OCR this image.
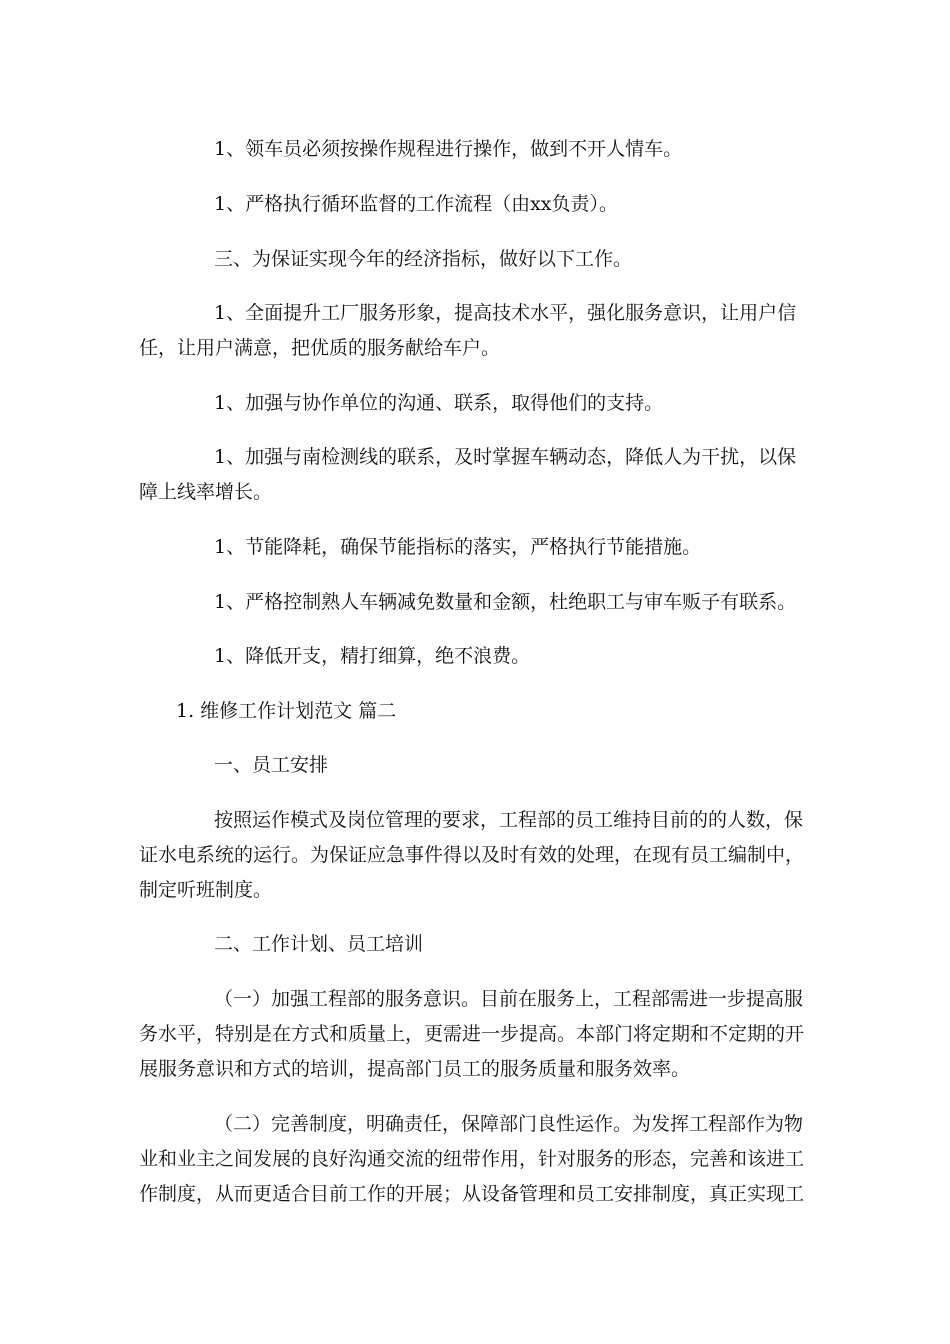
1、领车员必须按操作规程进行操作，做到不开人情车。

1、严格执行循环监督的工作流程（由xx负责）。

三、为保证实现今年的经济指标，做好以下工作。

1、全面提升工厂服务形象，提高技术水平，强化服务意识，让用户信
任，让用户满意，把优质的服务献给车户。

1、加强与协作单位的沟通、联系，取得他们的支持。

1、加强与南检测线的联系，及时掌握车辆动态，降低人为干扰，以保
障上线率增长。

1、节能降耗，确保节能指标的落实，严格执行节能措施。

1、严格控制熟人车辆减免数量和金额，杜绝职工与审车贩子有联系。

1、降低开支，精打细算，绝不浪费。

1. 维修工作计划范文 篇二

一、员工安排

按照运作模式及岗位管理的要求，工程部的员工维持目前的的人数，保
证水电系统的运行。为保证应急事件得以及时有效的处理，在现有员工编制中，
制定听班制度。

二、工作计划、员工培训

（一）加强工程部的服务意识。目前在服务上，工程部需进一步提高服
务水平，特别是在方式和质量上，更需进一步提高。本部门将定期和不定期的开
展服务意识和方式的培训，提高部门员工的服务质量和服务效率。

（二）完善制度，明确责任，保障部门良性运作。为发挥工程部作为物
业和业主之间发展的良好沟通交流的纽带作用，针对服务的形态，完善和该进工
作制度，从而更适合目前工作的开展；从设备管理和员工安排制度，真正实现工
